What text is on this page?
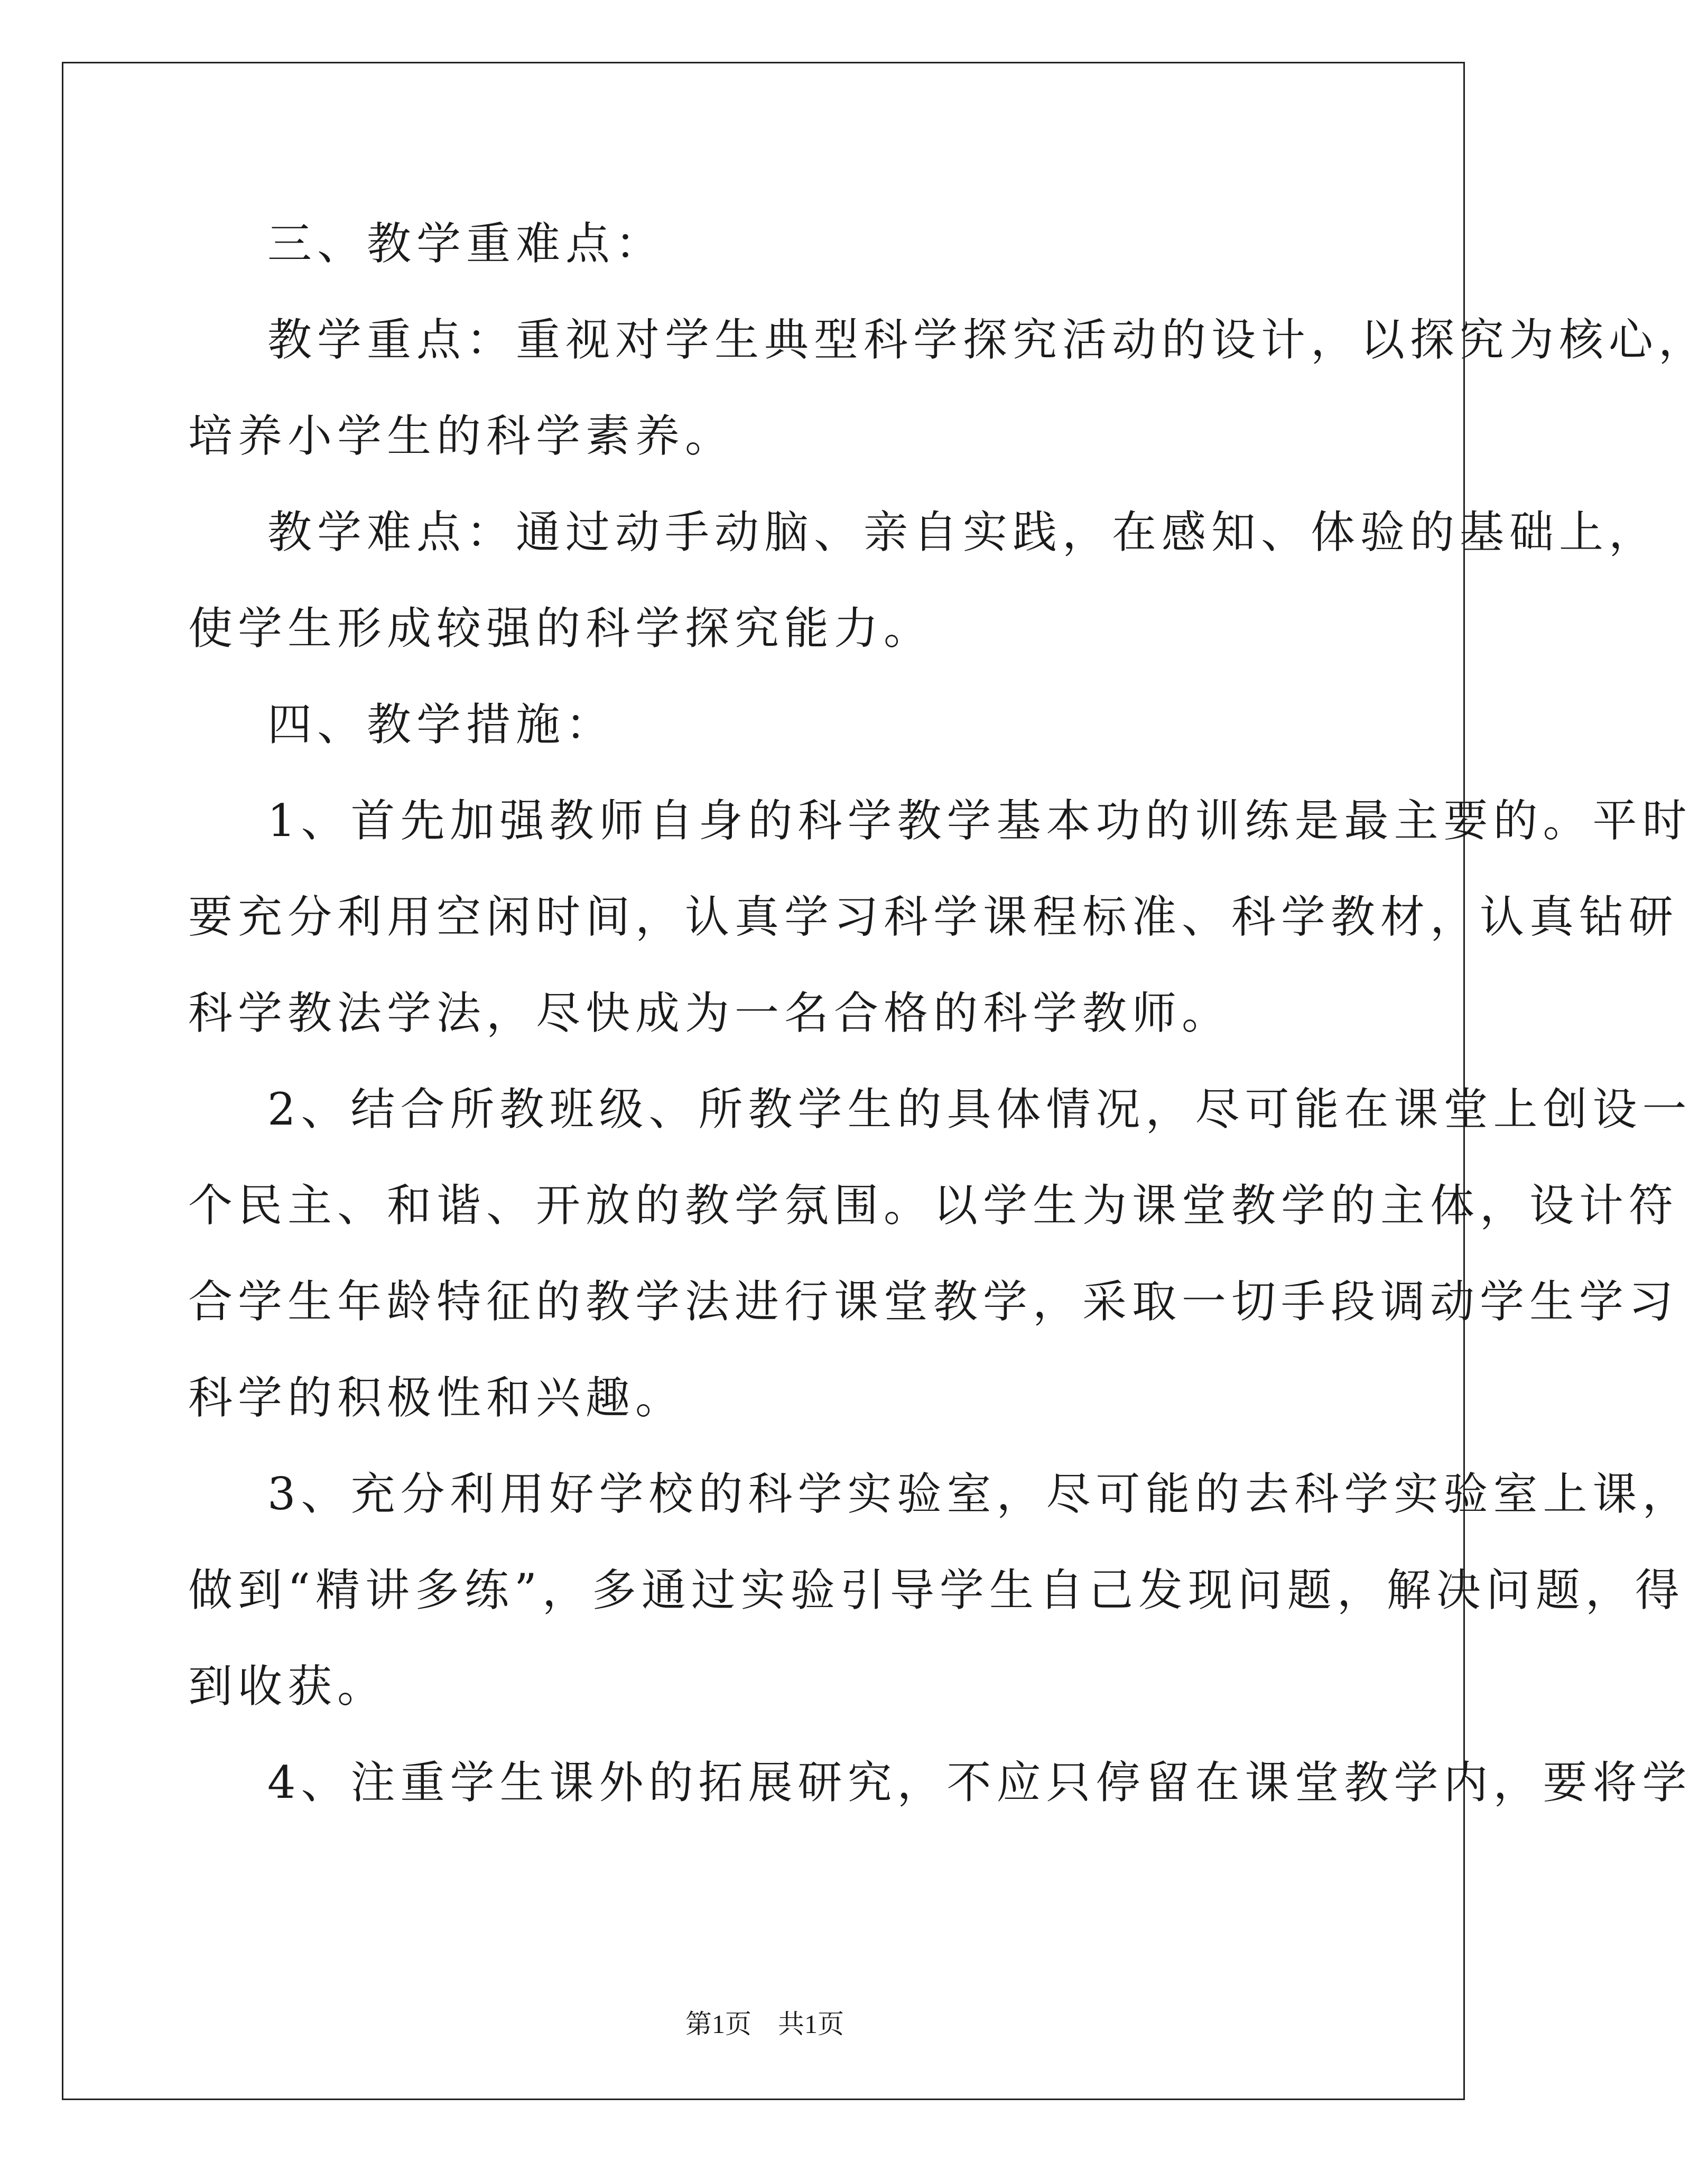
三、教学重难点：

教学重点：重视对学生典型科学探究活动的设计，以探究为核心，

培养小学生的科学素养。

教学难点：通过动手动脑、亲自实践，在感知、体验的基础上，

使学生形成较强的科学探究能力。

四、教学措施：

1、首先加强教师自身的科学教学基本功的训练是最主要的。平时

要充分利用空闲时间，认真学习科学课程标准、科学教材，认真钻研

科学教法学法，尽快成为一名合格的科学教师。

2、结合所教班级、所教学生的具体情况，尽可能在课堂上创设一

个民主、和谐、开放的教学氛围。以学生为课堂教学的主体，设计符

合学生年龄特征的教学法进行课堂教学，采取一切手段调动学生学习

科学的积极性和兴趣。

3、充分利用好学校的科学实验室，尽可能的去科学实验室上课，

做到“精讲多练”，多通过实验引导学生自己发现问题，解决问题，得

到收获。

4、注重学生课外的拓展研究，不应只停留在课堂教学内，要将学

第1页　共1页
